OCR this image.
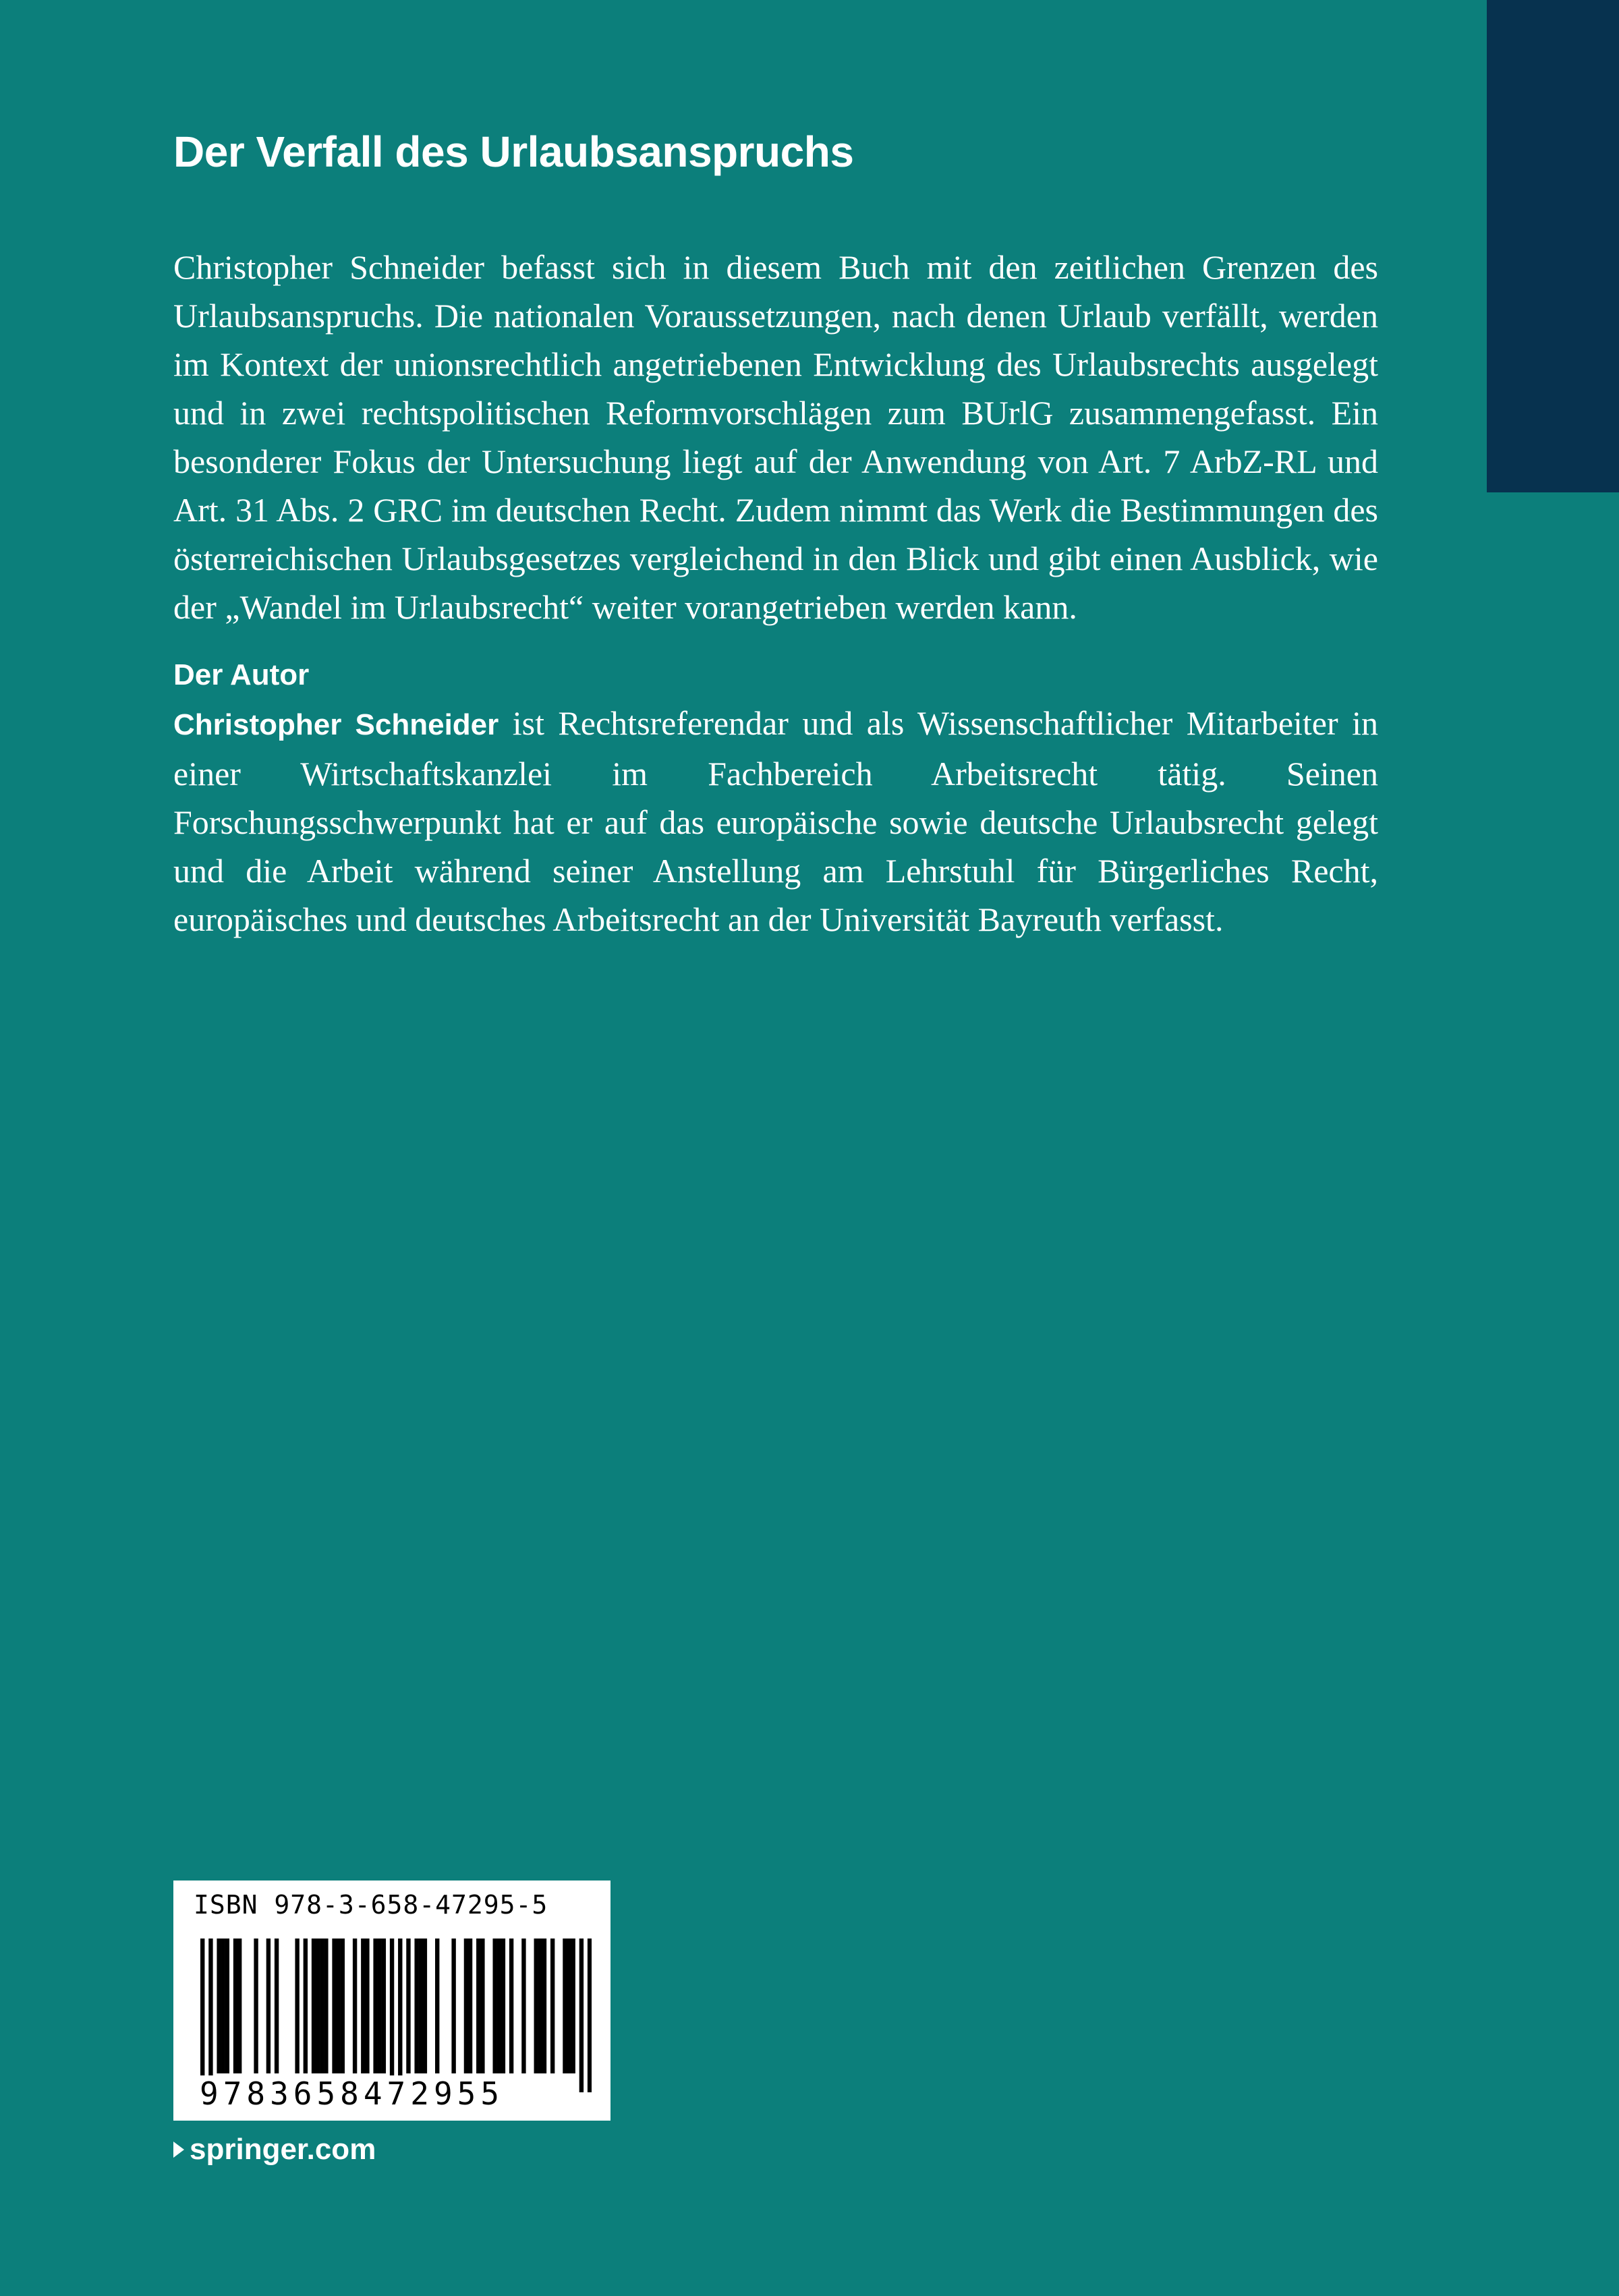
Der Verfall des Urlaubsanspruchs

Christopher Schneider befasst sich in diesem Buch mit den zeitlichen Grenzen des Urlaubsanspruchs. Die nationalen Voraussetzungen, nach denen Urlaub verfällt, werden im Kontext der unionsrechtlich angetriebenen Entwicklung des Urlaubsrechts ausgelegt und in zwei rechtspolitischen Reformvorschlägen zum BUrlG zusammengefasst. Ein besonderer Fokus der Untersuchung liegt auf der Anwendung von Art. 7 ArbZ-RL und Art. 31 Abs. 2 GRC im deutschen Recht. Zudem nimmt das Werk die Bestimmungen des österreichischen Urlaubsgesetzes vergleichend in den Blick und gibt einen Ausblick, wie der „Wandel im Urlaubsrecht“ weiter vorangetrieben werden kann.

Der Autor

Christopher Schneider ist Rechtsreferendar und als Wissenschaftlicher Mitarbeiter in einer Wirtschaftskanzlei im Fachbereich Arbeitsrecht tätig. Seinen Forschungsschwerpunkt hat er auf das europäische sowie deutsche Urlaubsrecht gelegt und die Arbeit während seiner Anstellung am Lehrstuhl für Bürgerliches Recht, europäisches und deutsches Arbeitsrecht an der Universität Bayreuth verfasst.

ISBN 978-3-658-47295-5
9783658472955
springer.com
